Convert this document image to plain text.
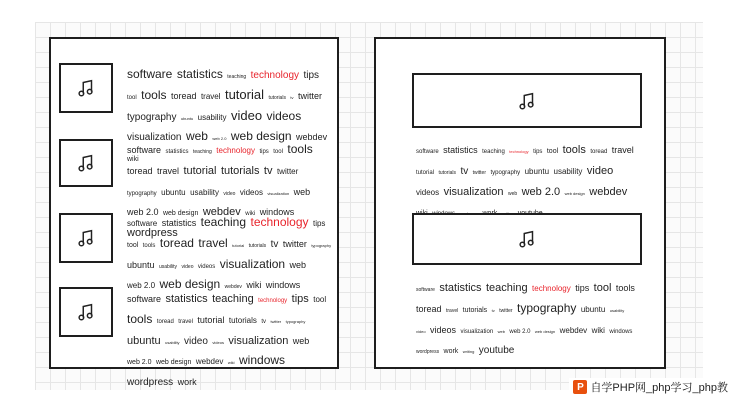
software statistics teaching technology tips tool tools toread travel tutorial tutorials tv twitter typography ubuntu usability video videos visualization web web 2.0 web design webdev wiki
software statistics teaching technology tips tool tools toread travel tutorial tutorials tv twitter typography ubuntu usability video videos visualization web web 2.0 web design webdev wiki windows wordpress
software statistics teaching technology tips tool tools toread travel tutorial tutorials tv twitter typography ubuntu usability video videos visualization web web 2.0 web design webdev wiki windows
software statistics teaching technology tips tool tools toread travel tutorial tutorials tv twitter typography ubuntu usability video videos visualization web web 2.0 web design webdev wiki windows wordpress work
software statistics teaching technology tips tool tools toread travel tutorial tutorials tv twitter typography ubuntu usability video videos visualization web web 2.0 web design webdev
software statistics teaching technology tips tool tools toread travel tutorials tv twitter typography ubuntu usability video videos visualization web web 2.0 web design webdev wiki windows wordpress work writing youtube
P 自学PHP网_php学习_php教
